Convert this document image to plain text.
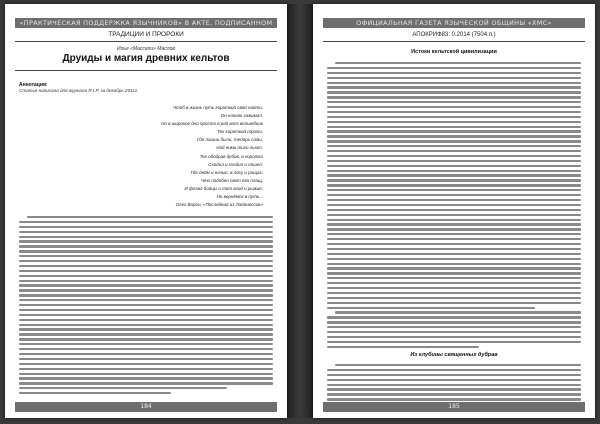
«ПРАКТИЧЕСКАЯ ПОДДЕРЖКА ЯЗЫЧНИКОВ» В АКТЕ, ПОДПИСАННОМ
ТРАДИЦИИ И ПРОРОКИ
Илья «Массели» Маслов
Друиды и магия древних кельтов
Аннотация:
Статья написана для журнала R.I.P. за декабрь 2011г.
Чтоб в жизнь путь короткий свой найти,
Он клинок зажимал,
Но в широкое дно просто в ряд влез волшебник
Тех короткой тропы,
Где пашни были, теперь сады,
Над ними тихо льют.
Тех ободрав дубов, в коротки
Сходил и сходил и пошел.
Где днём и ночью, в лесу и рощах,
Что подобен свет его плащ,
И фланг бойцы и тот вход и рыжие,
Но вернёмся в путь...
Олег Ворон, «Последний из Лайонессов»
184
ОФИЦИАЛЬНАЯ ГАЗЕТА ЯЗЫЧЕСКОЙ ОБЩИНЫ «ХМС»
АПОКРИФ83: 0.2014 (7504.п.)
Истоки кельтской цивилизации
Из глубины священных дубрав
185
